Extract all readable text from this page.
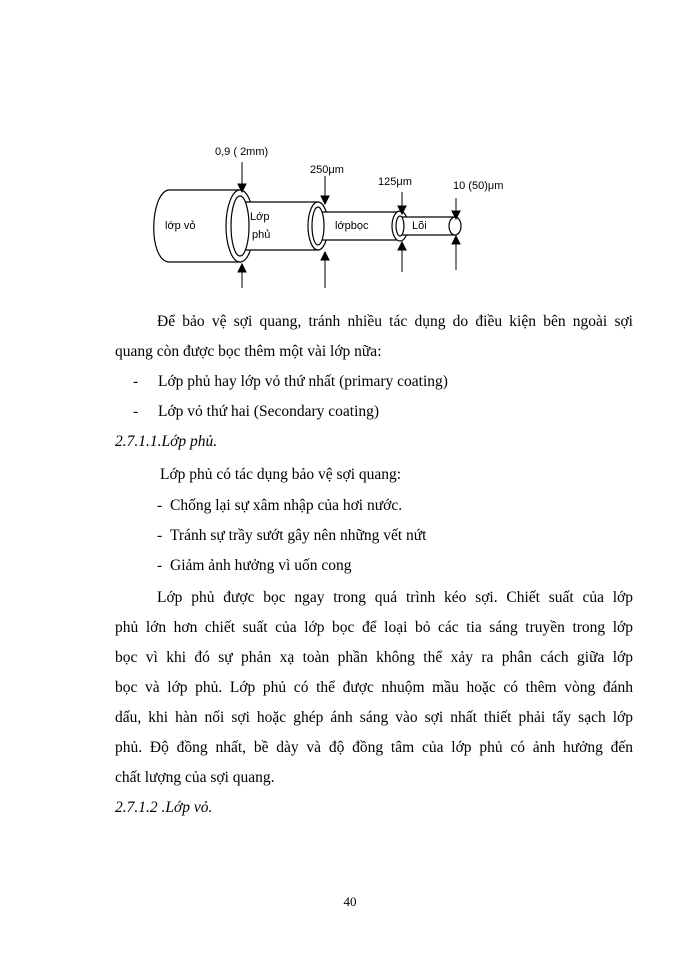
0,9 ( 2mm)
250μm
125μm	10 (50)μm
lớp vỏ
Lớp
phủ
lớpbọc	Lõi
Để bảo vệ sợi quang, tránh nhiều tác dụng do điều kiện bên ngoài sợi
quang còn được bọc thêm một vài lớp nữa:
- Lớp phủ hay lớp vỏ thứ nhất (primary coating)
- Lớp vỏ thứ hai (Secondary coating)
2.7.1.1.Lớp phủ.
Lớp phủ có tác dụng bảo vệ sợi quang:
- Chống lại sự xâm nhập của hơi nước.
- Tránh sự trầy sướt gây nên những vết nứt
- Giảm ảnh hưởng vì uốn cong
Lớp phủ được bọc ngay trong quá trình kéo sợi. Chiết suất của lớp
phủ lớn hơn chiết suất của lớp bọc để loại bỏ các tia sáng truyền trong lớp
bọc vì khi đó sự phản xạ toàn phần không thể xảy ra phân cách giữa lớp
bọc và lớp phủ. Lớp phủ có thể được nhuộm mầu hoặc có thêm vòng đánh
dấu, khi hàn nối sợi hoặc ghép ánh sáng vào sợi nhất thiết phải tẩy sạch lớp
phủ. Độ đồng nhất, bề dày và độ đồng tâm của lớp phủ có ảnh hưởng đến
chất lượng của sợi quang.
2.7.1.2 .Lớp vỏ.
40
